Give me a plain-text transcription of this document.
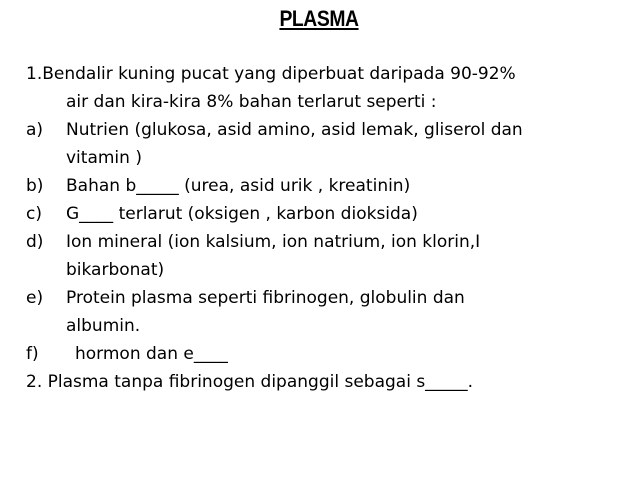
PLASMA
1. Bendalir kuning pucat yang diperbuat daripada 90-92%
air dan kira-kira 8% bahan terlarut seperti :
a)	Nutrien (glukosa, asid amino, asid lemak, gliserol dan
vitamin )
b)	Bahan b_____ (urea, asid urik , kreatinin)
c)	G____ terlarut (oksigen , karbon dioksida)
d)	Ion mineral (ion kalsium, ion natrium, ion klorin,I
bikarbonat)
e)	Protein plasma seperti fibrinogen, globulin dan
albumin.
f)	hormon dan e____
2. Plasma tanpa fibrinogen dipanggil sebagai s_____.
